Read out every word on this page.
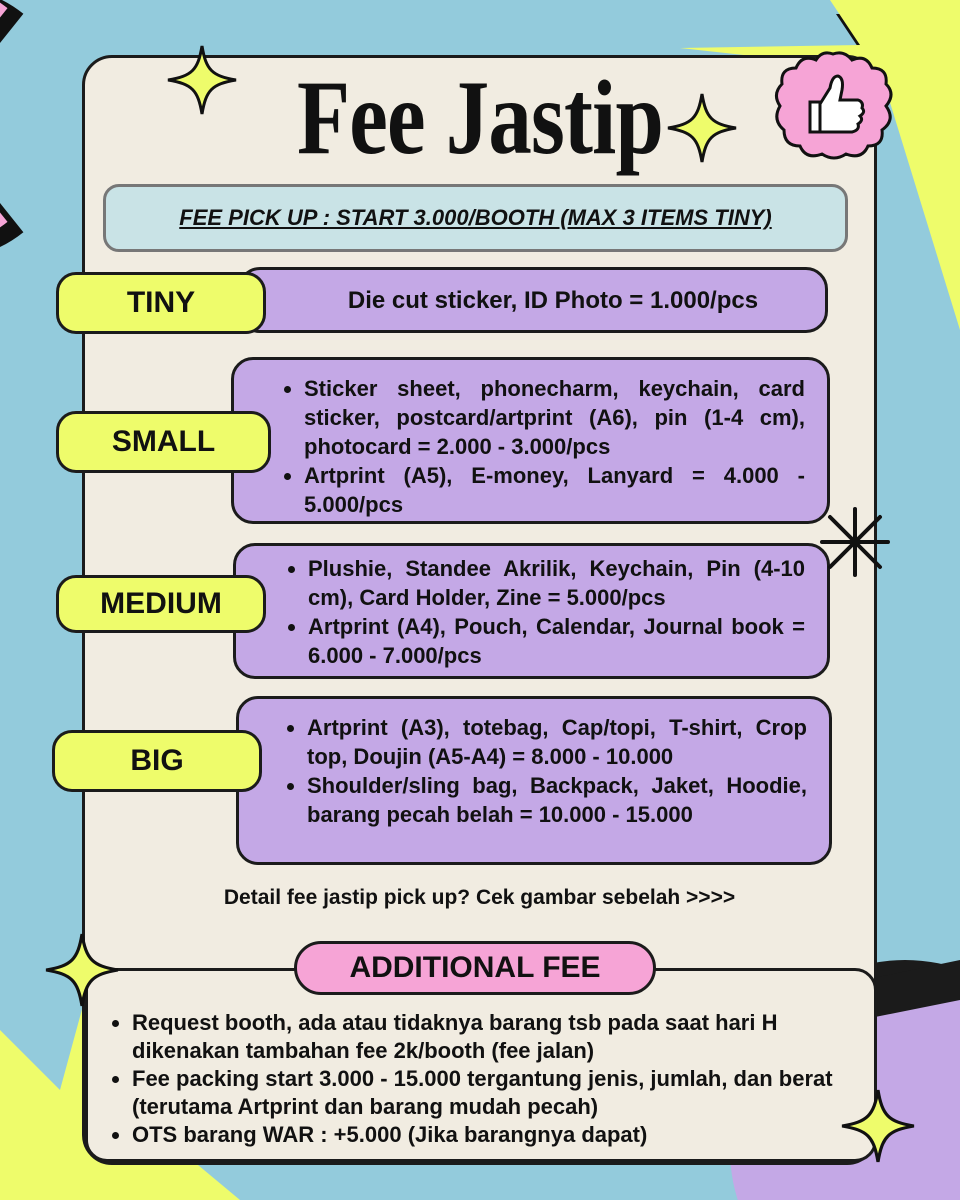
Fee Jastip
FEE PICK UP : START 3.000/BOOTH (MAX 3 ITEMS TINY)
Die cut sticker, ID Photo = 1.000/pcs
TINY
• Sticker sheet, phonecharm, keychain, card sticker, postcard/artprint (A6), pin (1-4 cm), photocard = 2.000 - 3.000/pcs
• Artprint (A5), E-money, Lanyard = 4.000 - 5.000/pcs
SMALL
• Plushie, Standee Akrilik, Keychain, Pin (4-10 cm), Card Holder, Zine = 5.000/pcs
• Artprint (A4), Pouch, Calendar, Journal book = 6.000 - 7.000/pcs
MEDIUM
• Artprint (A3), totebag, Cap/topi, T-shirt, Crop top, Doujin (A5-A4) = 8.000 - 10.000
• Shoulder/sling bag, Backpack, Jaket, Hoodie, barang pecah belah = 10.000 - 15.000
BIG
Detail fee jastip pick up? Cek gambar sebelah >>>>
• Request booth, ada atau tidaknya barang tsb pada saat hari H dikenakan tambahan fee 2k/booth (fee jalan)
• Fee packing start 3.000 - 15.000 tergantung jenis, jumlah, dan berat (terutama Artprint dan barang mudah pecah)
• OTS barang WAR : +5.000 (Jika barangnya dapat)
ADDITIONAL FEE
